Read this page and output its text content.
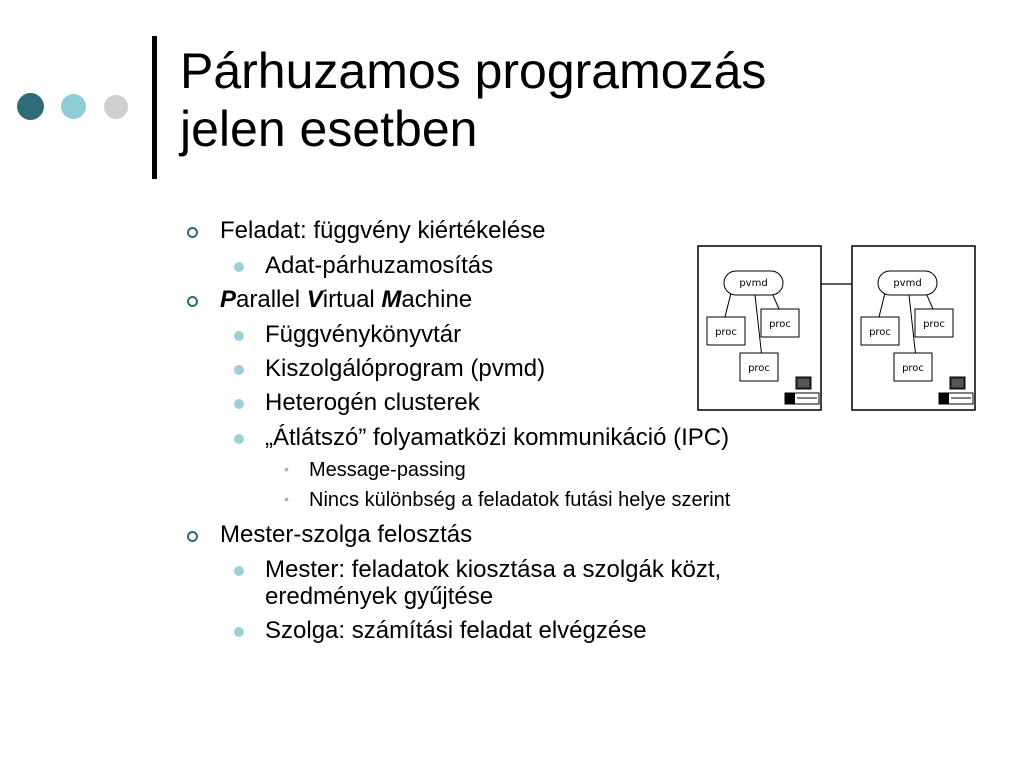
Párhuzamos programozás
jelen esetben
Feladat: függvény kiértékelése
Adat-párhuzamosítás
Parallel Virtual Machine
Függvénykönyvtár
Kiszolgálóprogram (pvmd)
Heterogén clusterek
„Átlátszó” folyamatközi kommunikáció (IPC)
• Message-passing
• Nincs különbség a feladatok futási helye szerint
Mester-szolga felosztás
Mester: feladatok kiosztása a szolgák közt,
eredmények gyűjtése
Szolga: számítási feladat elvégzése
pvmd
proc
proc
proc
pvmd
proc
proc
proc
